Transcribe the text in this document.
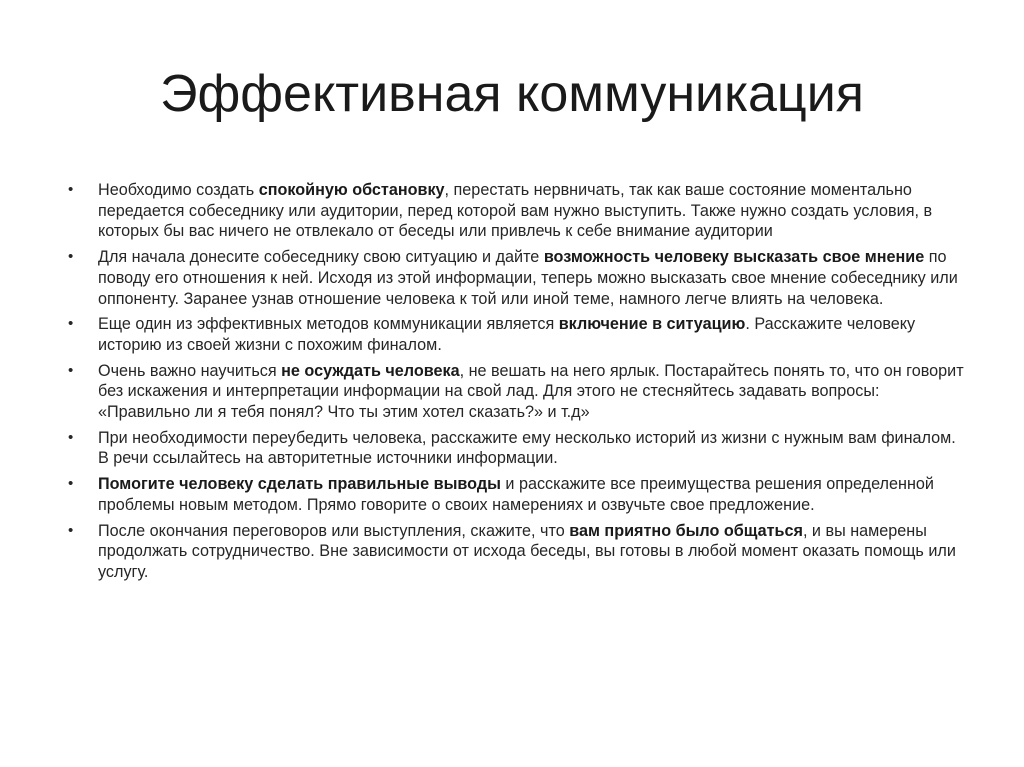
Эффективная коммуникация
•	Необходимо создать спокойную обстановку, перестать нервничать, так как ваше состояние моментально передается собеседнику или аудитории, перед которой вам нужно выступить. Также нужно создать условия, в которых бы вас ничего не отвлекало от беседы или привлечь к себе внимание аудитории
•	Для начала донесите собеседнику свою ситуацию и дайте возможность человеку высказать свое мнение по поводу его отношения к ней. Исходя из этой информации, теперь можно высказать свое мнение собеседнику или оппоненту. Заранее узнав отношение человека к той или иной теме, намного легче влиять на человека.
•	Еще один из эффективных методов коммуникации является включение в ситуацию. Расскажите человеку историю из своей жизни с похожим финалом.
•	Очень важно научиться не осуждать человека, не вешать на него ярлык. Постарайтесь понять то, что он говорит без искажения и интерпретации информации на свой лад. Для этого не стесняйтесь задавать вопросы: «Правильно ли я тебя понял? Что ты этим хотел сказать?» и т.д»
•	При необходимости переубедить человека, расскажите ему несколько историй из жизни с нужным вам финалом. В речи ссылайтесь на авторитетные источники информации.
•	Помогите человеку сделать правильные выводы и расскажите все преимущества решения определенной проблемы новым методом. Прямо говорите о своих намерениях и озвучьте свое предложение.
•	После окончания переговоров или выступления, скажите, что вам приятно было общаться, и вы намерены продолжать сотрудничество. Вне зависимости от исхода беседы, вы готовы в любой момент оказать помощь или услугу.
